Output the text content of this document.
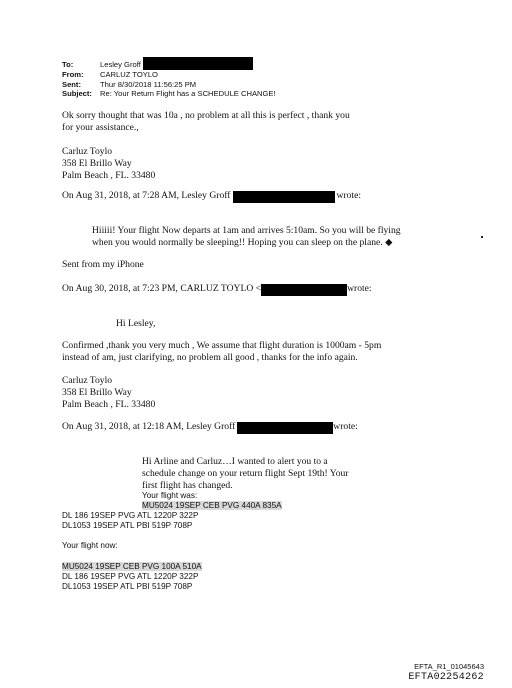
To:	Lesley Groff
From:	CARLUZ TOYLO
Sent:	Thur 8/30/2018 11:56:25 PM
Subject:	Re: Your Return Flight has a SCHEDULE CHANGE!
Ok sorry thought that was 10a , no problem at all this is perfect , thank you
for your assistance.,
Carluz Toylo
358 El Brillo Way
Palm Beach , FL. 33480
On Aug 31, 2018, at 7:28 AM, Lesley Groff	wrote:
Hiiiii! Your flight Now departs at 1am and arrives 5:10am. So you will be flying
when you would normally be sleeping!! Hoping you can sleep on the plane. ◆
Sent from my iPhone
On Aug 30, 2018, at 7:23 PM, CARLUZ TOYLO <	wrote:
Hi Lesley,
Confirmed ,thank you very much , We assume that flight duration is 1000am - 5pm
instead of am, just clarifying, no problem all good , thanks for the info again.
Carluz Toylo
358 El Brillo Way
Palm Beach , FL. 33480
On Aug 31, 2018, at 12:18 AM, Lesley Groff	wrote:
Hi Arline and Carluz…I wanted to alert you to a
schedule change on your return flight Sept 19th! Your
first flight has changed.
Your flight was:
MU5024 19SEP CEB PVG 440A 835A
DL 186 19SEP PVG ATL 1220P 322P
DL1053 19SEP ATL PBI 519P 708P
Your flight now:
MU5024 19SEP CEB PVG 100A 510A
DL 186 19SEP PVG ATL 1220P 322P
DL1053 19SEP ATL PBI 519P 708P
EFTA_R1_01045643
EFTA02254262
